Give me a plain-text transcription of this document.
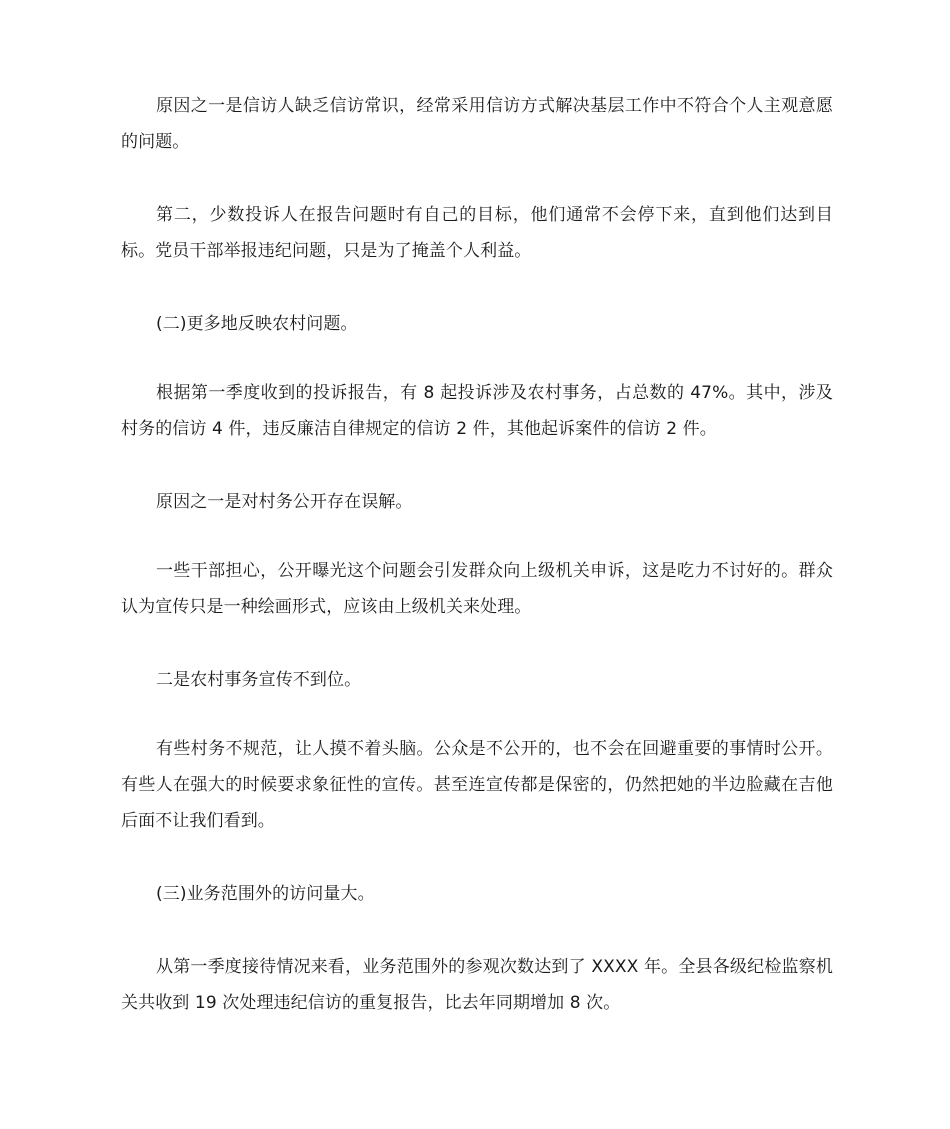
原因之一是信访人缺乏信访常识，经常采用信访方式解决基层工作中不符合个人主观意愿的问题。

第二，少数投诉人在报告问题时有自己的目标，他们通常不会停下来，直到他们达到目标。党员干部举报违纪问题，只是为了掩盖个人利益。

(二)更多地反映农村问题。

根据第一季度收到的投诉报告，有 8 起投诉涉及农村事务，占总数的 47%。其中，涉及村务的信访 4 件，违反廉洁自律规定的信访 2 件，其他起诉案件的信访 2 件。

原因之一是对村务公开存在误解。

一些干部担心，公开曝光这个问题会引发群众向上级机关申诉，这是吃力不讨好的。群众认为宣传只是一种绘画形式，应该由上级机关来处理。

二是农村事务宣传不到位。

有些村务不规范，让人摸不着头脑。公众是不公开的，也不会在回避重要的事情时公开。有些人在强大的时候要求象征性的宣传。甚至连宣传都是保密的，仍然把她的半边脸藏在吉他后面不让我们看到。

(三)业务范围外的访问量大。

从第一季度接待情况来看，业务范围外的参观次数达到了 XXXX 年。全县各级纪检监察机关共收到 19 次处理违纪信访的重复报告，比去年同期增加 8 次。
